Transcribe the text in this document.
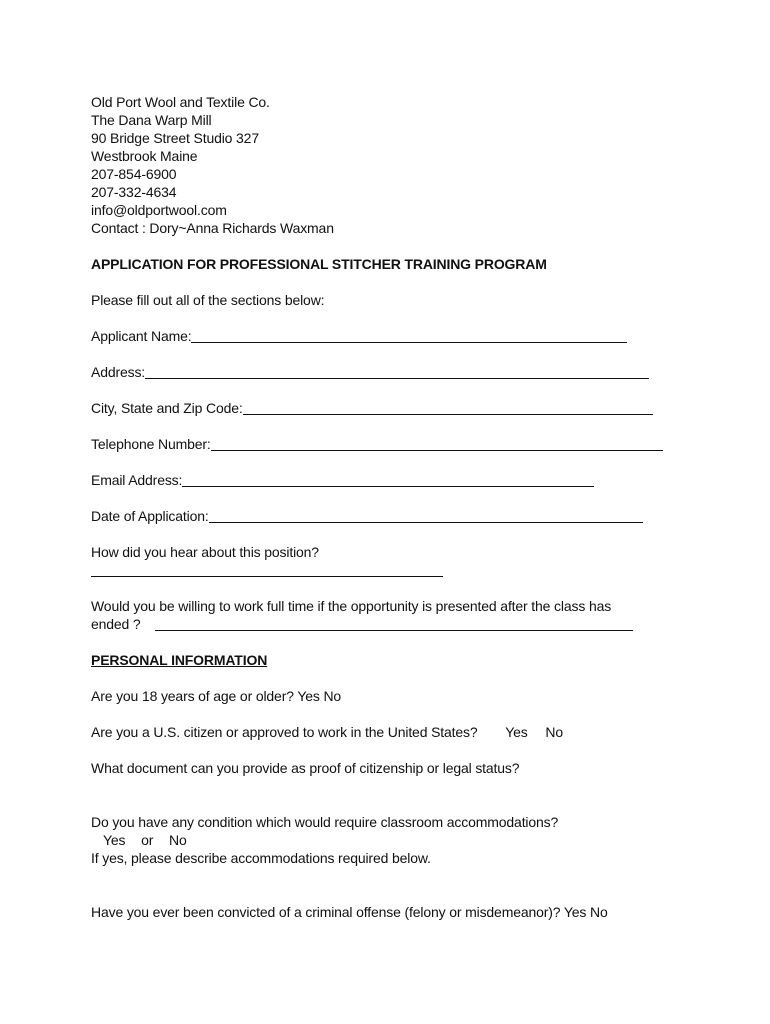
Old Port Wool and Textile Co.
The Dana Warp Mill
90 Bridge Street Studio 327
Westbrook Maine
207-854-6900
207-332-4634
info@oldportwool.com
Contact : Dory~Anna Richards Waxman
APPLICATION FOR PROFESSIONAL STITCHER TRAINING PROGRAM
Please fill out all of the sections below:
Applicant Name:
Address:
City, State and Zip Code:
Telephone Number:
Email Address:
Date of Application:
How did you hear about this position?
Would you be willing to work full time if the opportunity is presented after the class has
ended ?
PERSONAL INFORMATION
Are you 18 years of age or older? Yes No
Are you a U.S. citizen or approved to work in the United States? Yes No
What document can you provide as proof of citizenship or legal status?
Do you have any condition which would require classroom accommodations?
Yes or No
If yes, please describe accommodations required below.
Have you ever been convicted of a criminal offense (felony or misdemeanor)? Yes No
